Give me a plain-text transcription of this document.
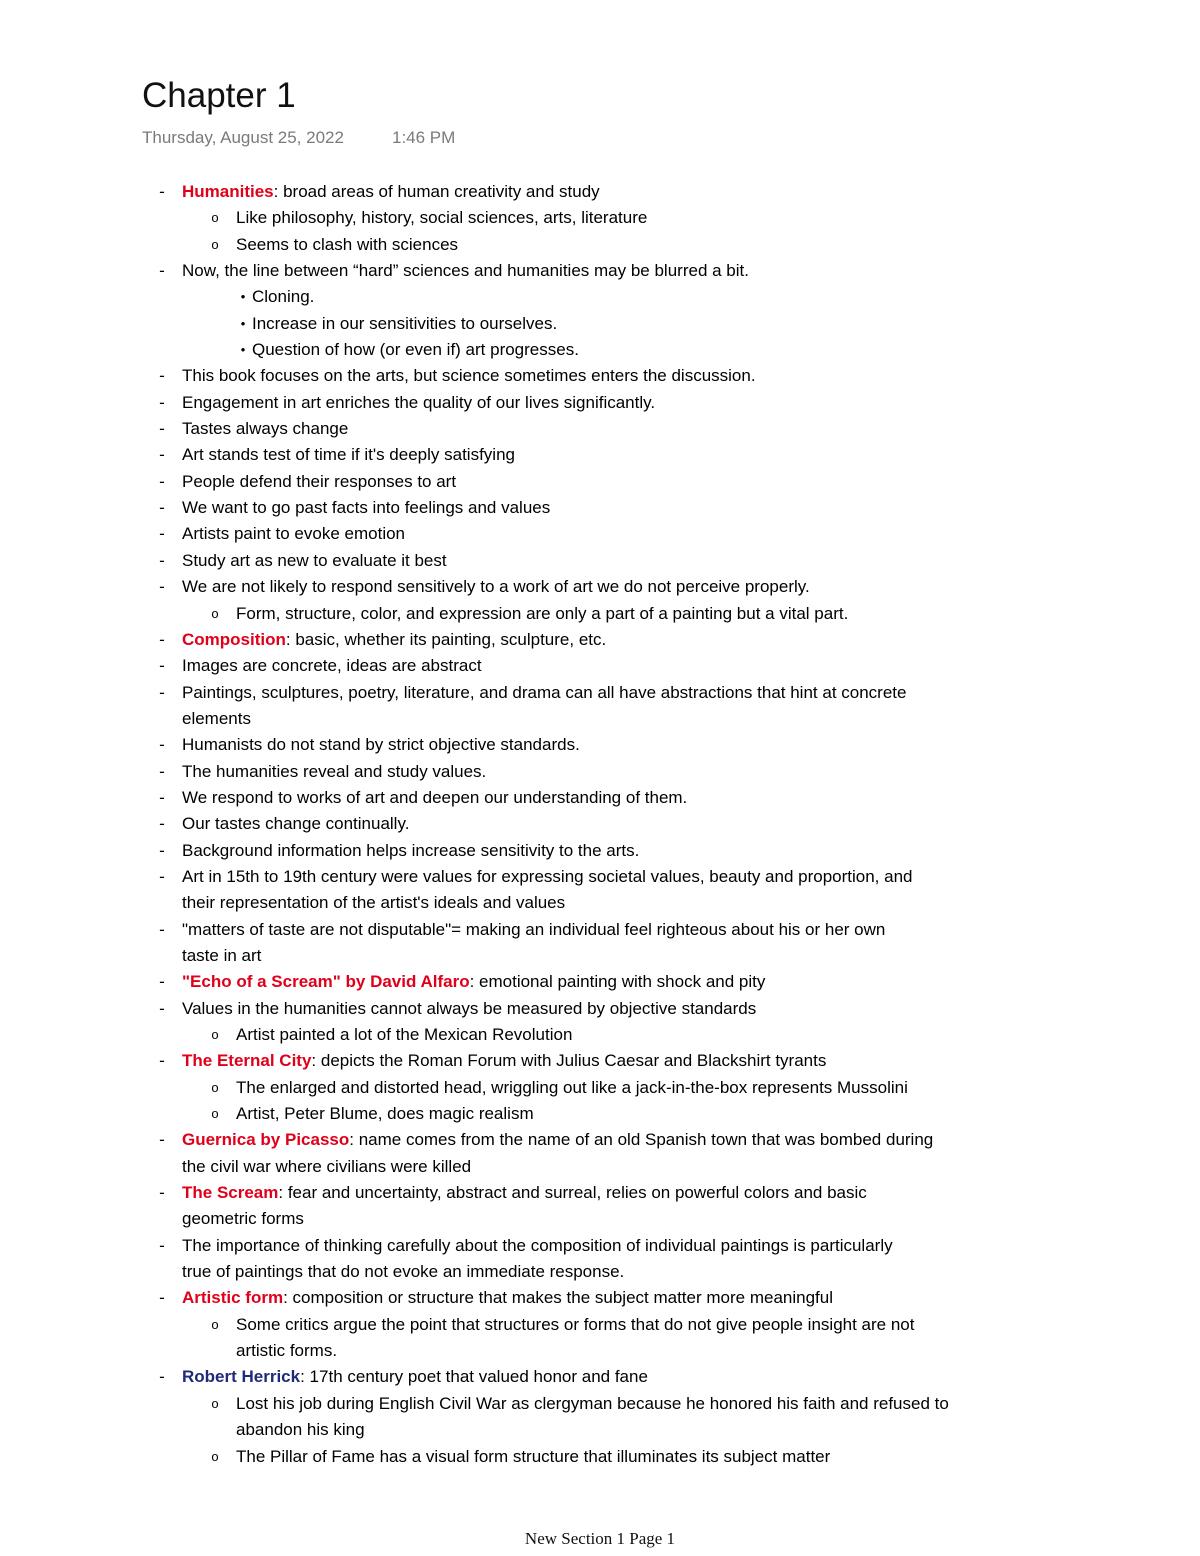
Chapter 1
Thursday, August 25, 2022	1:46 PM
- Humanities: broad areas of human creativity and study
o Like philosophy, history, social sciences, arts, literature
o Seems to clash with sciences
- Now, the line between “hard” sciences and humanities may be blurred a bit.
• Cloning.
• Increase in our sensitivities to ourselves.
• Question of how (or even if) art progresses.
- This book focuses on the arts, but science sometimes enters the discussion.
- Engagement in art enriches the quality of our lives significantly.
- Tastes always change
- Art stands test of time if it's deeply satisfying
- People defend their responses to art
- We want to go past facts into feelings and values
- Artists paint to evoke emotion
- Study art as new to evaluate it best
- We are not likely to respond sensitively to a work of art we do not perceive properly.
o Form, structure, color, and expression are only a part of a painting but a vital part.
- Composition: basic, whether its painting, sculpture, etc.
- Images are concrete, ideas are abstract
- Paintings, sculptures, poetry, literature, and drama can all have abstractions that hint at concrete
elements
- Humanists do not stand by strict objective standards.
- The humanities reveal and study values.
- We respond to works of art and deepen our understanding of them.
- Our tastes change continually.
- Background information helps increase sensitivity to the arts.
- Art in 15th to 19th century were values for expressing societal values, beauty and proportion, and
their representation of the artist's ideals and values
- "matters of taste are not disputable"= making an individual feel righteous about his or her own
taste in art
- "Echo of a Scream" by David Alfaro: emotional painting with shock and pity
- Values in the humanities cannot always be measured by objective standards
o Artist painted a lot of the Mexican Revolution
- The Eternal City: depicts the Roman Forum with Julius Caesar and Blackshirt tyrants
o The enlarged and distorted head, wriggling out like a jack-in-the-box represents Mussolini
o Artist, Peter Blume, does magic realism
- Guernica by Picasso: name comes from the name of an old Spanish town that was bombed during
the civil war where civilians were killed
- The Scream: fear and uncertainty, abstract and surreal, relies on powerful colors and basic
geometric forms
- The importance of thinking carefully about the composition of individual paintings is particularly
true of paintings that do not evoke an immediate response.
- Artistic form: composition or structure that makes the subject matter more meaningful
o Some critics argue the point that structures or forms that do not give people insight are not
artistic forms.
- Robert Herrick: 17th century poet that valued honor and fane
o Lost his job during English Civil War as clergyman because he honored his faith and refused to
abandon his king
o The Pillar of Fame has a visual form structure that illuminates its subject matter
New Section 1 Page 1
